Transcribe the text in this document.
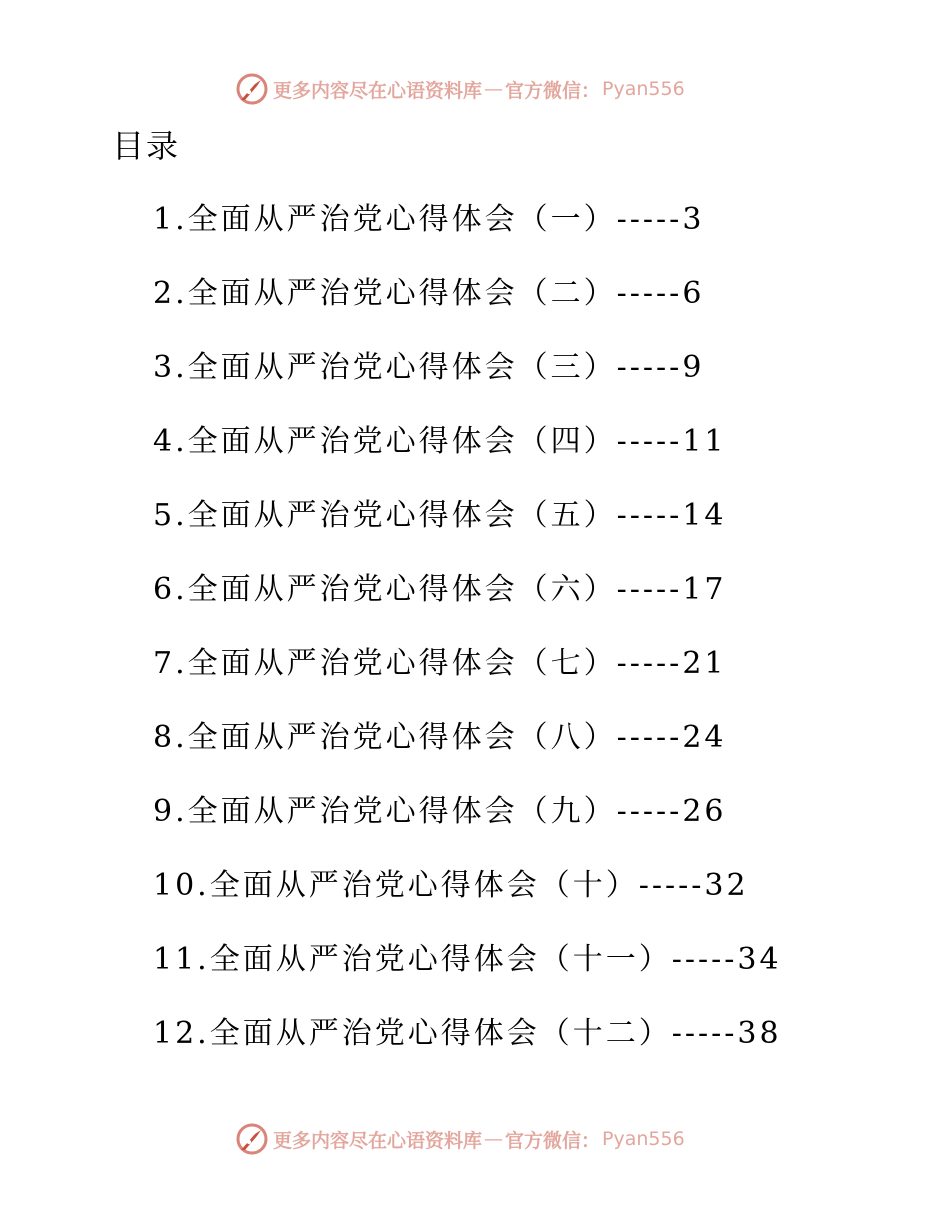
更多内容尽在心语资料库 — 官方微信： Pyan556
目录
1.全面从严治党心得体会（一）-----3
2.全面从严治党心得体会（二）-----6
3.全面从严治党心得体会（三）-----9
4.全面从严治党心得体会（四）-----11
5.全面从严治党心得体会（五）-----14
6.全面从严治党心得体会（六）-----17
7.全面从严治党心得体会（七）-----21
8.全面从严治党心得体会（八）-----24
9.全面从严治党心得体会（九）-----26
10.全面从严治党心得体会（十）-----32
11.全面从严治党心得体会（十一）-----34
12.全面从严治党心得体会（十二）-----38
更多内容尽在心语资料库 — 官方微信： Pyan556
